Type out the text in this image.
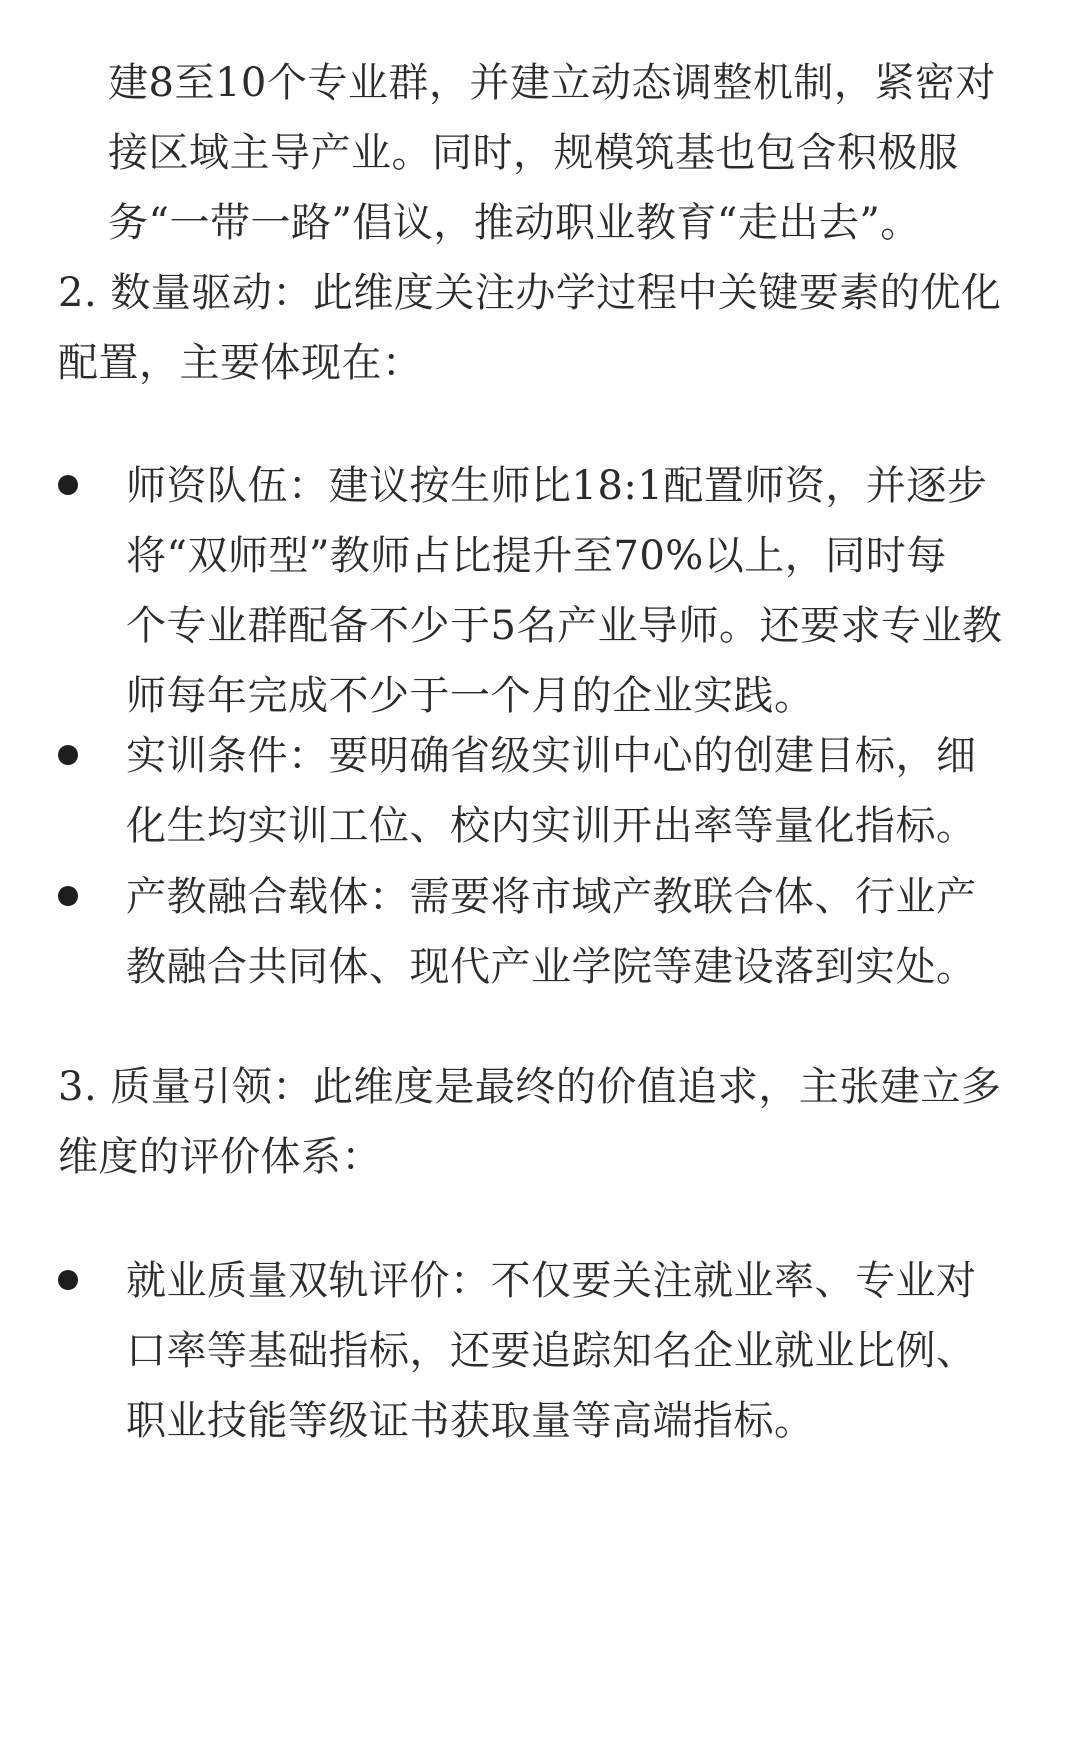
建8至10个专业群，并建立动态调整机制，紧密对
接区域主导产业。同时，规模筑基也包含积极服
务“一带一路”倡议，推动职业教育“走出去”。

2. 数量驱动：此维度关注办学过程中关键要素的优化
配置，主要体现在：

师资队伍：建议按生师比18:1配置师资，并逐步
将“双师型”教师占比提升至70%以上，同时每
个专业群配备不少于5名产业导师。还要求专业教
师每年完成不少于一个月的企业实践。

实训条件：要明确省级实训中心的创建目标，细
化生均实训工位、校内实训开出率等量化指标。

产教融合载体：需要将市域产教联合体、行业产
教融合共同体、现代产业学院等建设落到实处。

3. 质量引领：此维度是最终的价值追求，主张建立多
维度的评价体系：

就业质量双轨评价：不仅要关注就业率、专业对
口率等基础指标，还要追踪知名企业就业比例、
职业技能等级证书获取量等高端指标。
